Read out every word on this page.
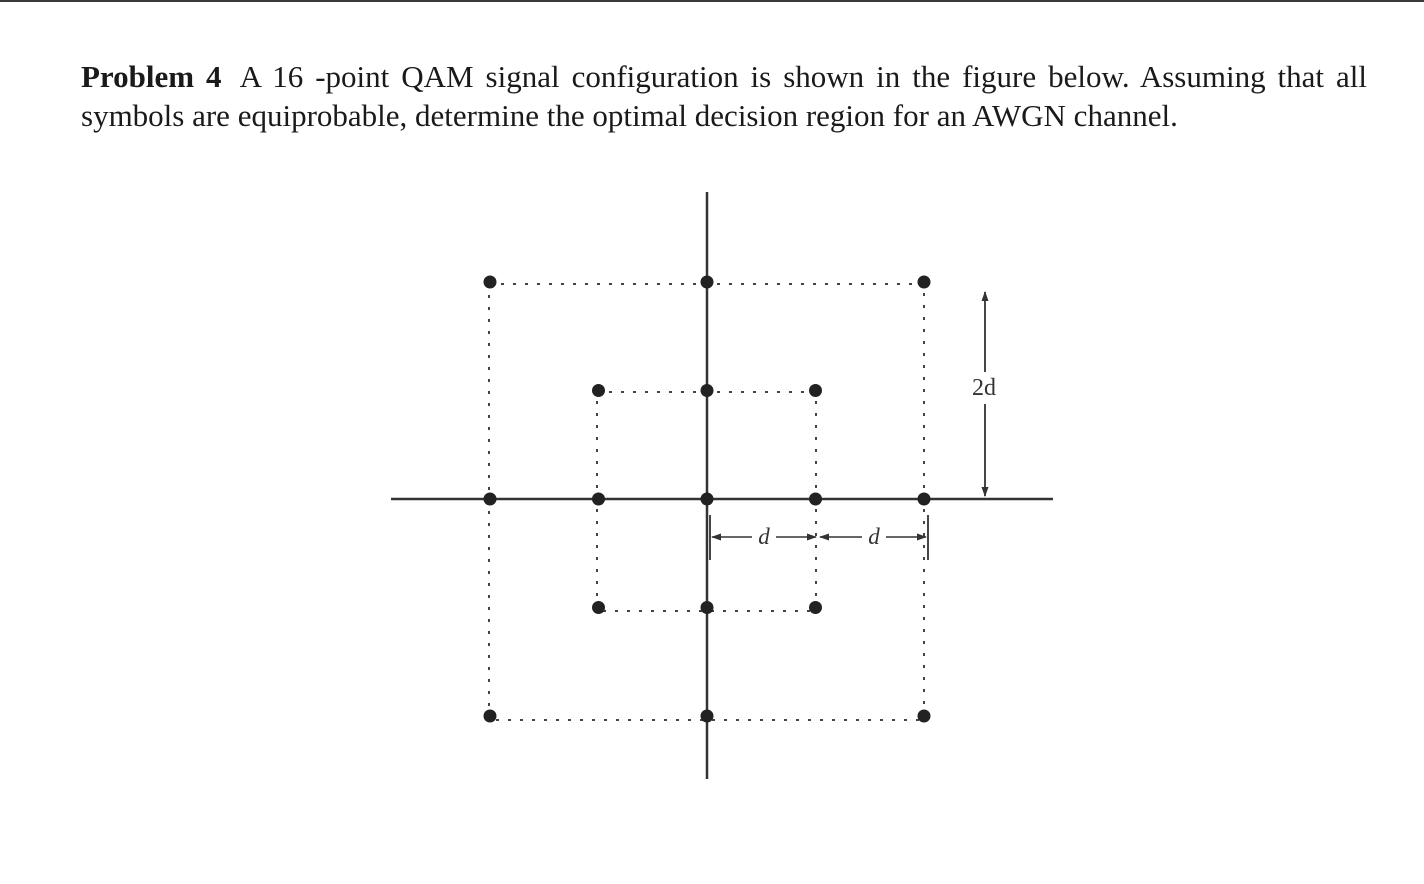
Problem 4 A 16 -point QAM signal configuration is shown in the figure below. Assuming that all symbols are equiprobable, determine the optimal decision region for an AWGN channel.

2d
d	d
